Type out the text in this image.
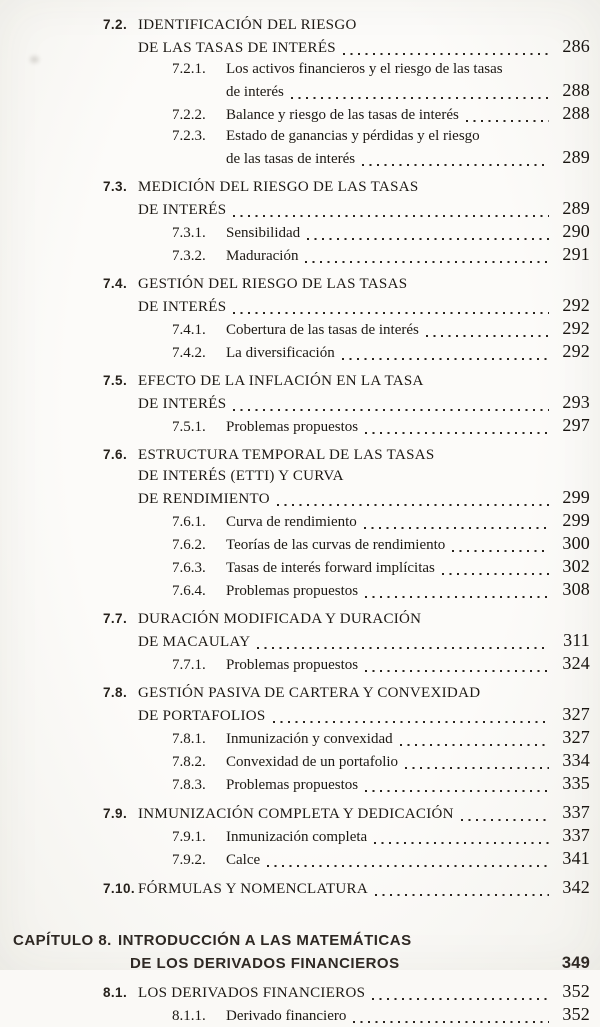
7.2. IDENTIFICACIÓN DEL RIESGO
DE LAS TASAS DE INTERÉS	286
7.2.1.	Los activos financieros y el riesgo de las tasas
de interés	288
7.2.2.	Balance y riesgo de las tasas de interés	288
7.2.3.	Estado de ganancias y pérdidas y el riesgo
de las tasas de interés	289
7.3. MEDICIÓN DEL RIESGO DE LAS TASAS
DE INTERÉS	289
7.3.1.	Sensibilidad	290
7.3.2.	Maduración	291
7.4. GESTIÓN DEL RIESGO DE LAS TASAS
DE INTERÉS	292
7.4.1.	Cobertura de las tasas de interés	292
7.4.2.	La diversificación	292
7.5. EFECTO DE LA INFLACIÓN EN LA TASA
DE INTERÉS	293
7.5.1.	Problemas propuestos	297
7.6. ESTRUCTURA TEMPORAL DE LAS TASAS
DE INTERÉS (ETTI) Y CURVA
DE RENDIMIENTO	299
7.6.1.	Curva de rendimiento	299
7.6.2.	Teorías de las curvas de rendimiento	300
7.6.3.	Tasas de interés forward implícitas	302
7.6.4.	Problemas propuestos	308
7.7. DURACIÓN MODIFICADA Y DURACIÓN
DE MACAULAY	311
7.7.1.	Problemas propuestos	324
7.8. GESTIÓN PASIVA DE CARTERA Y CONVEXIDAD
DE PORTAFOLIOS	327
7.8.1.	Inmunización y convexidad	327
7.8.2.	Convexidad de un portafolio	334
7.8.3.	Problemas propuestos	335
7.9. INMUNIZACIÓN COMPLETA Y DEDICACIÓN	337
7.9.1.	Inmunización completa	337
7.9.2.	Calce	341
7.10. FÓRMULAS Y NOMENCLATURA	342
CAPÍTULO 8. INTRODUCCIÓN A LAS MATEMÁTICAS
DE LOS DERIVADOS FINANCIEROS	349
8.1. LOS DERIVADOS FINANCIEROS	352
8.1.1.	Derivado financiero	352
